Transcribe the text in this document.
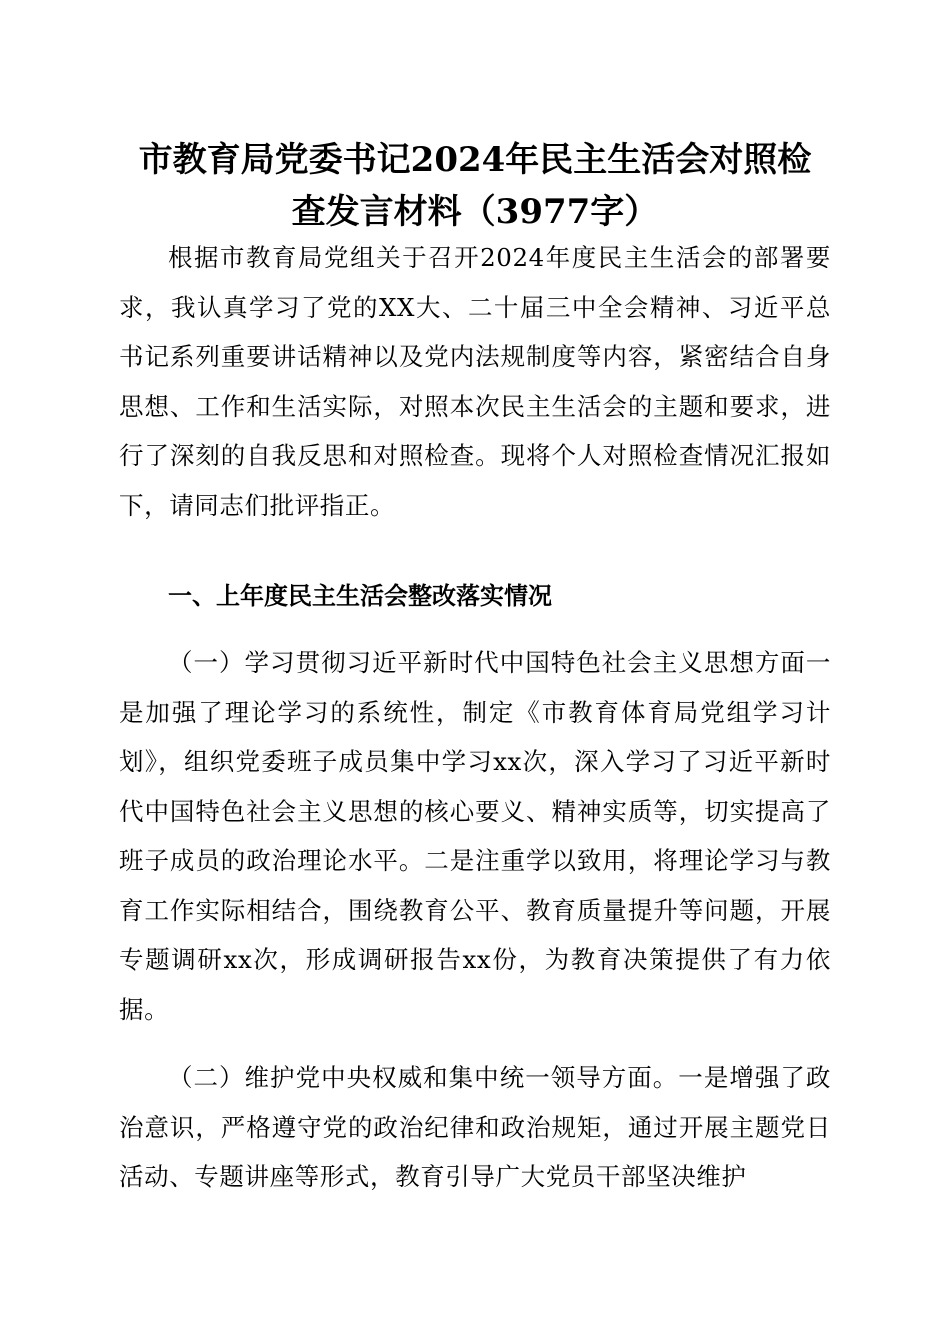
市教育局党委书记2024年民主生活会对照检
查发言材料（3977字）

根据市教育局党组关于召开2024年度民主生活会的部署要求，我认真学习了党的XX大、二十届三中全会精神、习近平总书记系列重要讲话精神以及党内法规制度等内容，紧密结合自身思想、工作和生活实际，对照本次民主生活会的主题和要求，进行了深刻的自我反思和对照检查。现将个人对照检查情况汇报如下，请同志们批评指正。

一、上年度民主生活会整改落实情况

（一）学习贯彻习近平新时代中国特色社会主义思想方面一是加强了理论学习的系统性，制定《市教育体育局党组学习计划》，组织党委班子成员集中学习xx次，深入学习了习近平新时代中国特色社会主义思想的核心要义、精神实质等，切实提高了班子成员的政治理论水平。二是注重学以致用，将理论学习与教育工作实际相结合，围绕教育公平、教育质量提升等问题，开展专题调研xx次，形成调研报告xx份，为教育决策提供了有力依据。

（二）维护党中央权威和集中统一领导方面。一是增强了政治意识，严格遵守党的政治纪律和政治规矩，通过开展主题党日活动、专题讲座等形式，教育引导广大党员干部坚决维护
